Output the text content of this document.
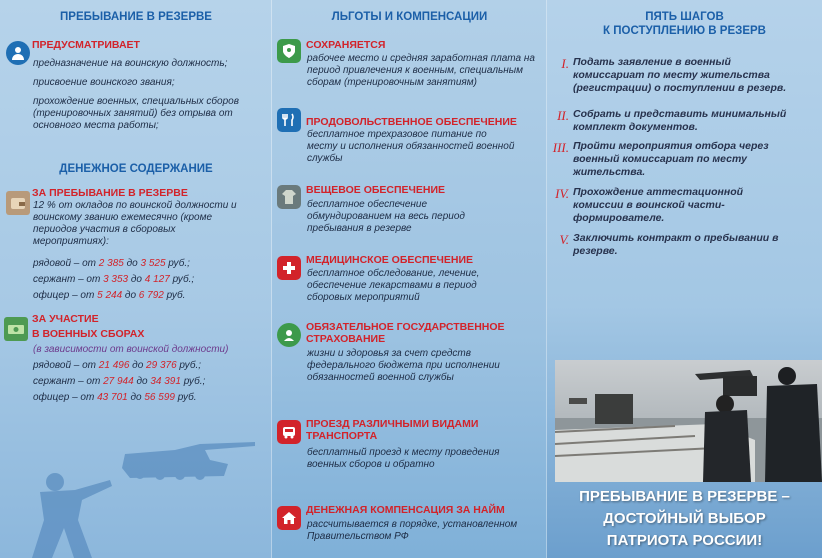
ПРЕБЫВАНИЕ В РЕЗЕРВЕ
ПРЕДУСМАТРИВАЕТ
предназначение на воинскую должность;
присвоение воинского звания;
прохождение военных, специальных сборов (тренировочных занятий) без отрыва от основного места работы;
ДЕНЕЖНОЕ СОДЕРЖАНИЕ
ЗА ПРЕБЫВАНИЕ В РЕЗЕРВЕ
12 % от окладов по воинской должности и воинскому званию ежемесячно (кроме периодов участия в сборовых мероприятиях):
рядовой – от 2 385 до 3 525 руб.;
сержант – от 3 353 до 4 127 руб.;
офицер – от 5 244 до 6 792 руб.
ЗА УЧАСТИЕ
В ВОЕННЫХ СБОРАХ
(в зависимости от воинской должности)
рядовой – от 21 496 до 29 376 руб.;
сержант – от 27 944 до 34 391 руб.;
офицер – от 43 701 до 56 599 руб.
ЛЬГОТЫ И КОМПЕНСАЦИИ
СОХРАНЯЕТСЯ
рабочее место и средняя заработная плата на период привлечения к военным, специальным сборам (тренировочным занятиям)
ПРОДОВОЛЬСТВЕННОЕ ОБЕСПЕЧЕНИЕ
бесплатное трехразовое питание по месту и исполнения обязанностей военной службы
ВЕЩЕВОЕ ОБЕСПЕЧЕНИЕ
бесплатное обеспечение обмундированием на весь период пребывания в резерве
МЕДИЦИНСКОЕ ОБЕСПЕЧЕНИЕ
бесплатное обследование, лечение, обеспечение лекарствами в период сборовых мероприятий
ОБЯЗАТЕЛЬНОЕ ГОСУДАРСТВЕННОЕ СТРАХОВАНИЕ
жизни и здоровья за счет средств федерального бюджета при исполнении обязанностей военной службы
ПРОЕЗД РАЗЛИЧНЫМИ ВИДАМИ ТРАНСПОРТА
бесплатный проезд к месту проведения военных сборов и обратно
ДЕНЕЖНАЯ КОМПЕНСАЦИЯ ЗА НАЙМ
рассчитывается в порядке, установленном Правительством РФ
ПЯТЬ ШАГОВ
К ПОСТУПЛЕНИЮ В РЕЗЕРВ
I. Подать заявление в военный комиссариат по месту жительства (регистрации) о поступлении в резерв.
II. Собрать и представить минимальный комплект документов.
III. Пройти мероприятия отбора через военный комиссариат по месту жительства.
IV. Прохождение аттестационной комиссии в воинской части-формирователе.
V. Заключить контракт о пребывании в резерве.
ПРЕБЫВАНИЕ В РЕЗЕРВЕ –
ДОСТОЙНЫЙ ВЫБОР
ПАТРИОТА РОССИИ!
